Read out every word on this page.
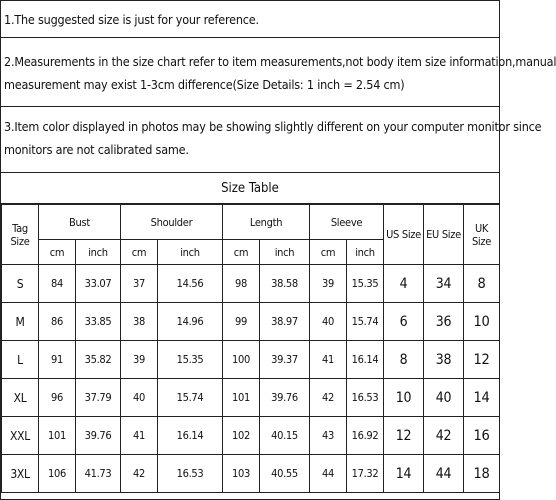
1.The suggested size is just for your reference.

2.Measurements in the size chart refer to item measurements,not body item size information,manual

measurement may exist 1-3cm difference(Size Details: 1 inch = 2.54 cm)

3.Item color displayed in photos may be showing slightly different on your computer monitor since

monitors are not calibrated same.

Size Table
Tag
Size	Bust		Shoulder		Length		Sleeve		US Size	EU Size	UK Size
	cm	inch	cm	inch	cm	inch	cm	inch			
S	84	33.07	37	14.56	98	38.58	39	15.35	4	34	8
M	86	33.85	38	14.96	99	38.97	40	15.74	6	36	10
L	91	35.82	39	15.35	100	39.37	41	16.14	8	38	12
XL	96	37.79	40	15.74	101	39.76	42	16.53	10	40	14
XXL	101	39.76	41	16.14	102	40.15	43	16.92	12	42	16
3XL	106	41.73	42	16.53	103	40.55	44	17.32	14	44	18
